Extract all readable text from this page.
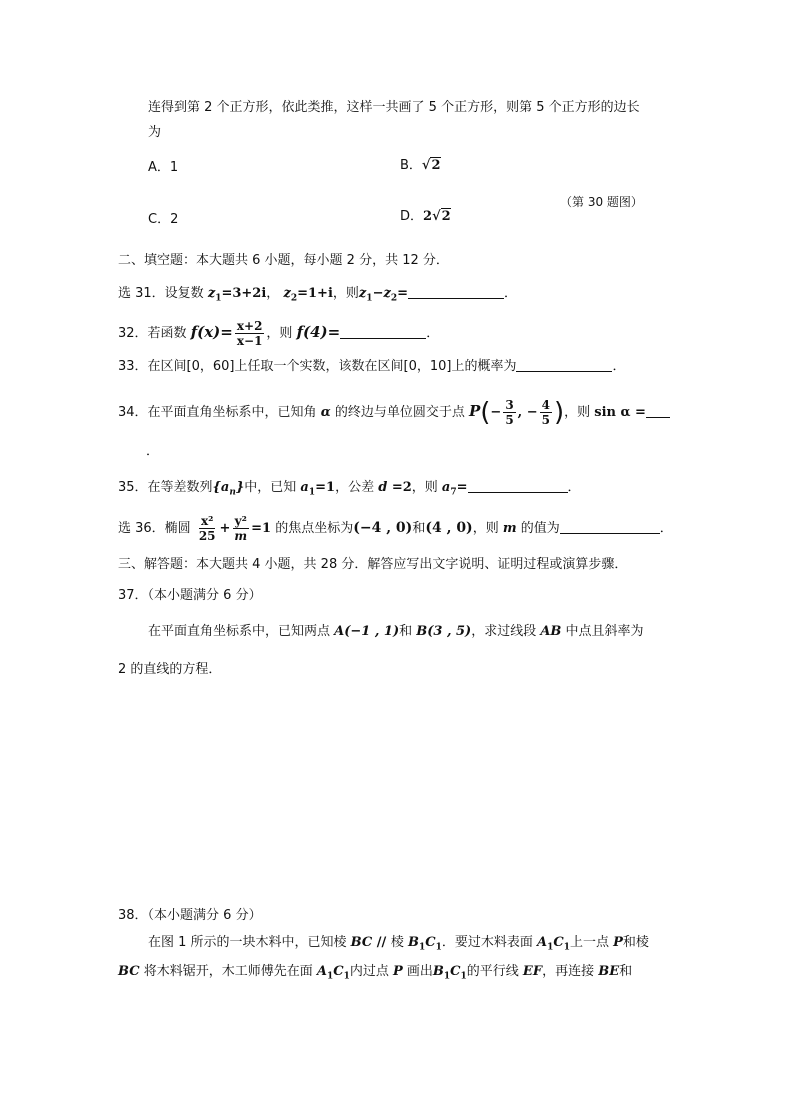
连得到第 2 个正方形，依此类推，这样一共画了 5 个正方形，则第 5 个正方形的边长
为
A．1	B．√2
（第 30 题图）
C．2	D．2√2
二、填空题：本大题共 6 小题，每小题 2 分，共 12 分．
选 31．设复数 $z_1=3+2i$， $z_2=1+i$，则$z_1-z_2=$	．
32．若函数 $f(x)= \frac{x+2}{x-1}$ ，则 f(4)=	．
33．在区间[0，60]上任取一个实数，该数在区间[0，10]上的概率为	．
34．在平面直角坐标系中，已知角 α 的终边与单位圆交于点 $P(- \frac{3}{5}$ , − $\frac{4}{5}$ )，则 sin α =
．
35．在等差数列$\{a_n\}$中，已知 $a_1=1$，公差 d =2，则 $a_7=$	．
选 36．椭圆 $\frac{\text{x²}}{25} + \frac{\text{y²}}{m} =1$ 的焦点坐标为(−4 , 0)和(4 , 0)，则 m 的值为	．
三、解答题：本大题共 4 小题，共 28 分．解答应写出文字说明、证明过程或演算步骤．
37．（本小题满分 6 分）
在平面直角坐标系中，已知两点 A(−1 , 1)和 B(3 , 5)，求过线段 AB 中点且斜率为
2 的直线的方程．
38．（本小题满分 6 分）
在图 1 所示的一块木料中，已知棱 BC // 棱 $B_1C_1$．要过木料表面 $A_1C_1$上一点 P和棱
BC 将木料锯开，木工师傅先在面 $A_1C_1$内过点 P 画出$B_1C_1$的平行线 EF，再连接 BE和
